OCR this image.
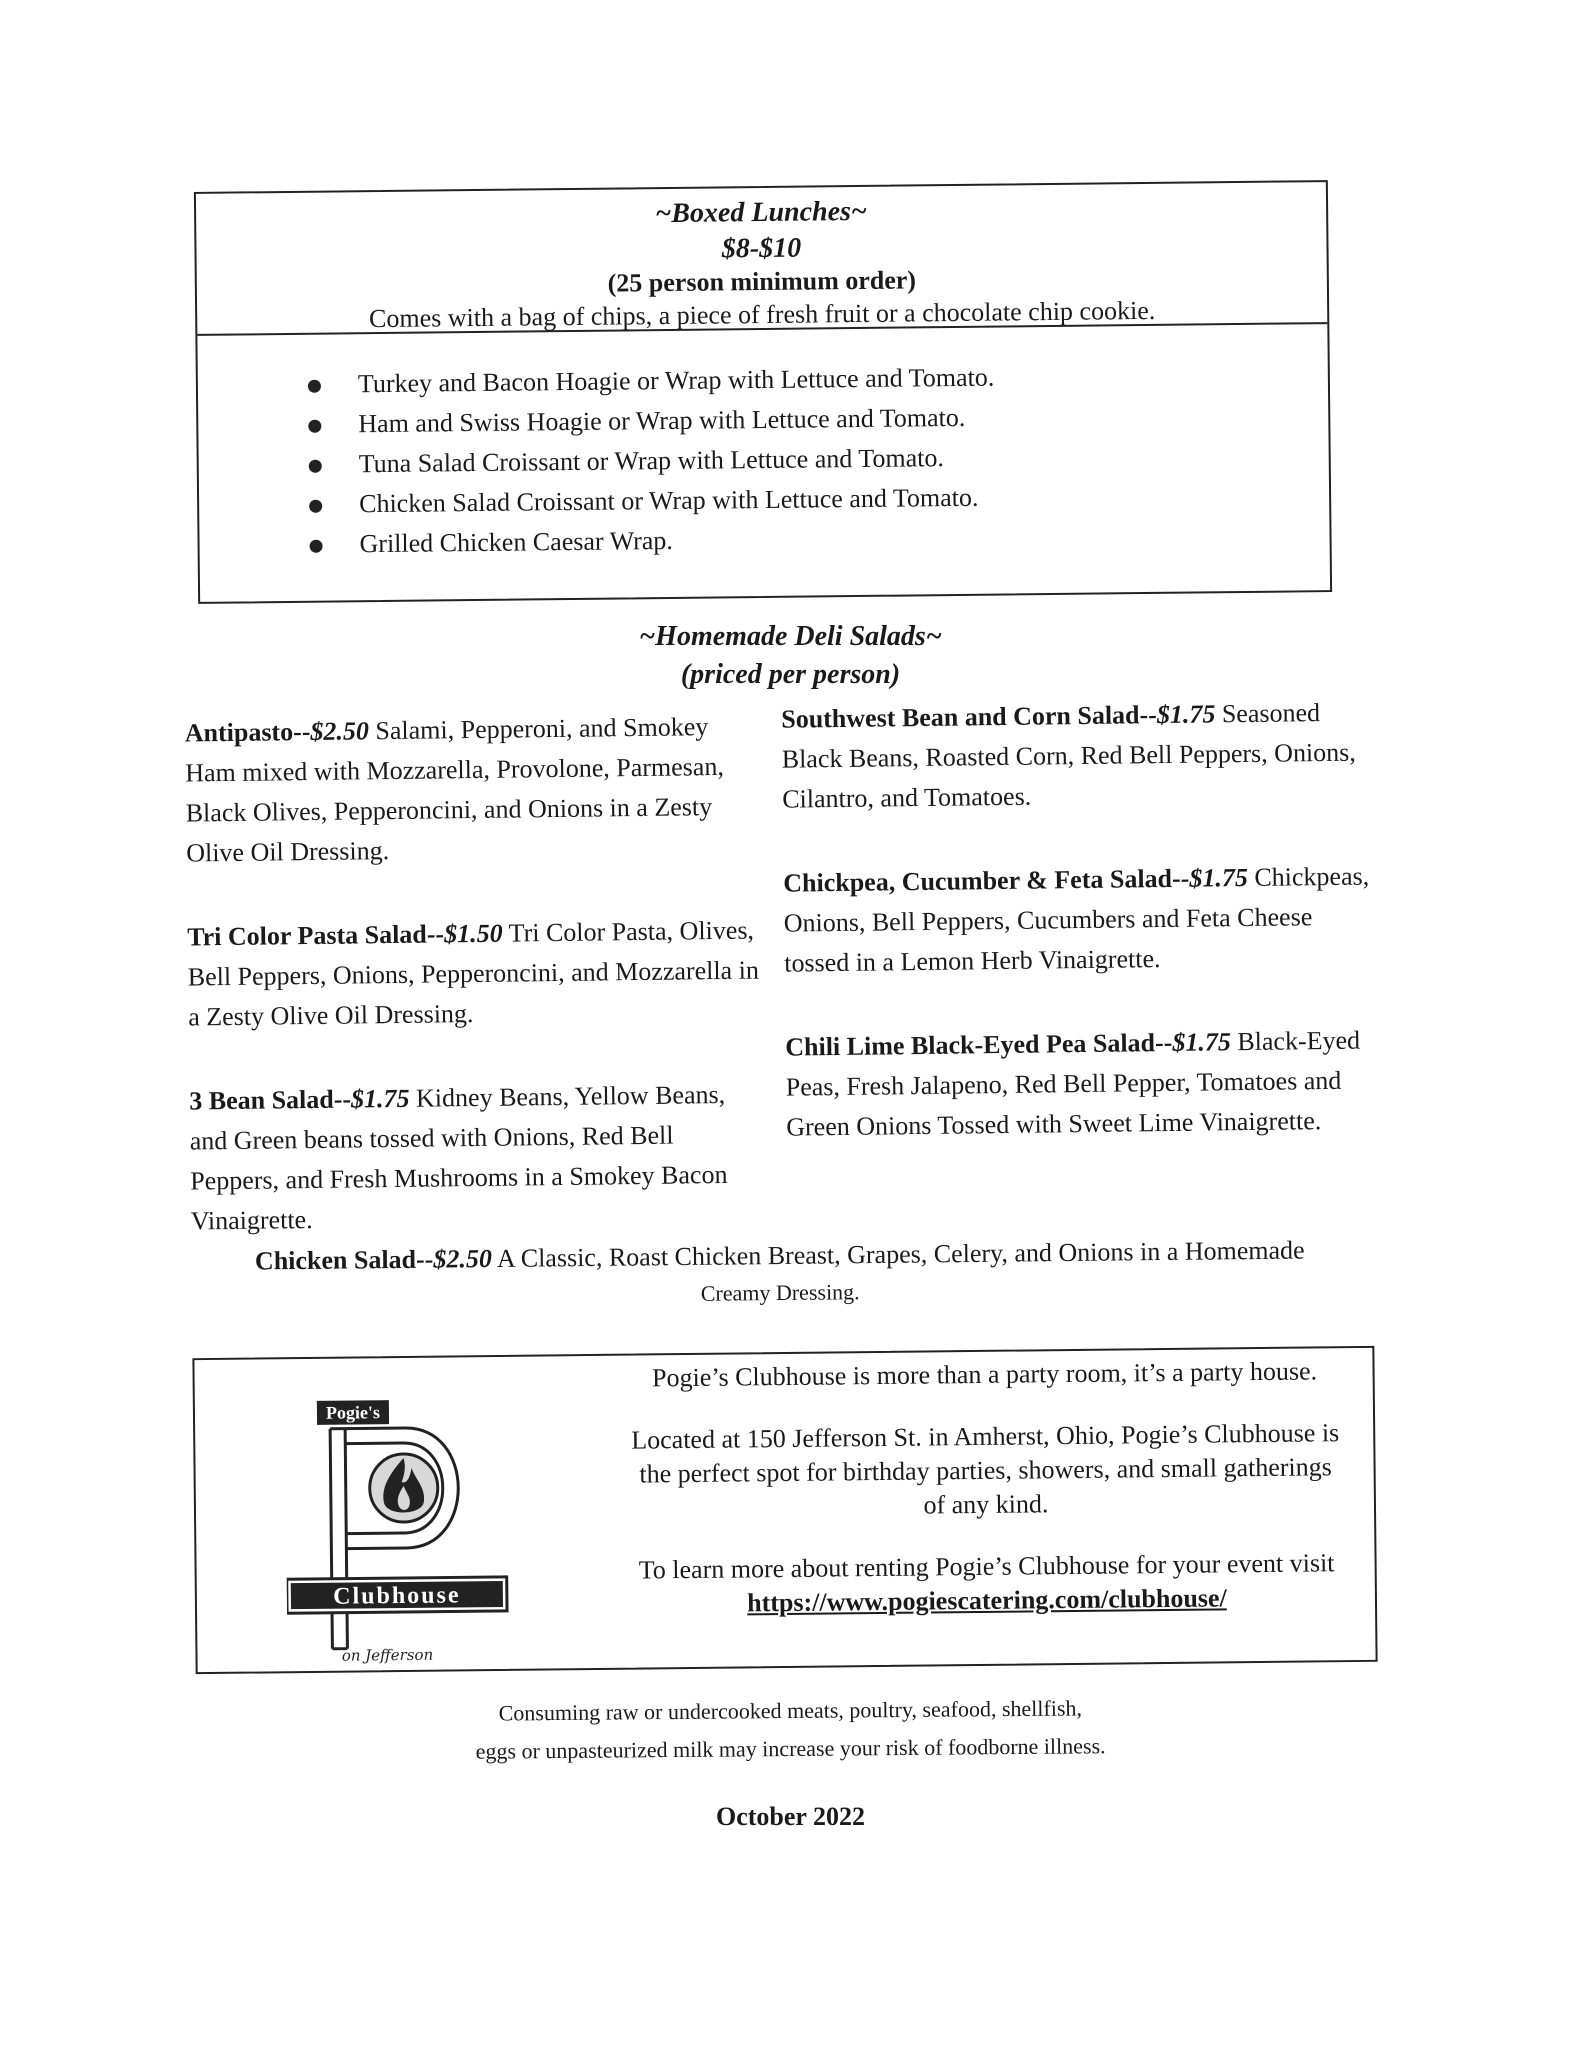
~Boxed Lunches~
$8-$10
(25 person minimum order)
Comes with a bag of chips, a piece of fresh fruit or a chocolate chip cookie.
Turkey and Bacon Hoagie or Wrap with Lettuce and Tomato.
Ham and Swiss Hoagie or Wrap with Lettuce and Tomato.
Tuna Salad Croissant or Wrap with Lettuce and Tomato.
Chicken Salad Croissant or Wrap with Lettuce and Tomato.
Grilled Chicken Caesar Wrap.
~Homemade Deli Salads~
(priced per person)

Antipasto--$2.50 Salami, Pepperoni, and Smokey Ham mixed with Mozzarella, Provolone, Parmesan, Black Olives, Pepperoncini, and Onions in a Zesty Olive Oil Dressing.

Tri Color Pasta Salad--$1.50 Tri Color Pasta, Olives, Bell Peppers, Onions, Pepperoncini, and Mozzarella in a Zesty Olive Oil Dressing.

3 Bean Salad--$1.75 Kidney Beans, Yellow Beans, and Green beans tossed with Onions, Red Bell Peppers, and Fresh Mushrooms in a Smokey Bacon Vinaigrette.

Southwest Bean and Corn Salad--$1.75 Seasoned Black Beans, Roasted Corn, Red Bell Peppers, Onions, Cilantro, and Tomatoes.

Chickpea, Cucumber & Feta Salad--$1.75 Chickpeas, Onions, Bell Peppers, Cucumbers and Feta Cheese tossed in a Lemon Herb Vinaigrette.

Chili Lime Black-Eyed Pea Salad--$1.75 Black-Eyed Peas, Fresh Jalapeno, Red Bell Pepper, Tomatoes and Green Onions Tossed with Sweet Lime Vinaigrette.

Chicken Salad--$2.50 A Classic, Roast Chicken Breast, Grapes, Celery, and Onions in a Homemade
Creamy Dressing.
Pogie's
Clubhouse
on Jefferson

Pogie’s Clubhouse is more than a party room, it’s a party house.

Located at 150 Jefferson St. in Amherst, Ohio, Pogie’s Clubhouse is the perfect spot for birthday parties, showers, and small gatherings of any kind.

To learn more about renting Pogie’s Clubhouse for your event visit https://www.pogiescatering.com/clubhouse/

Consuming raw or undercooked meats, poultry, seafood, shellfish,
eggs or unpasteurized milk may increase your risk of foodborne illness.
October 2022
